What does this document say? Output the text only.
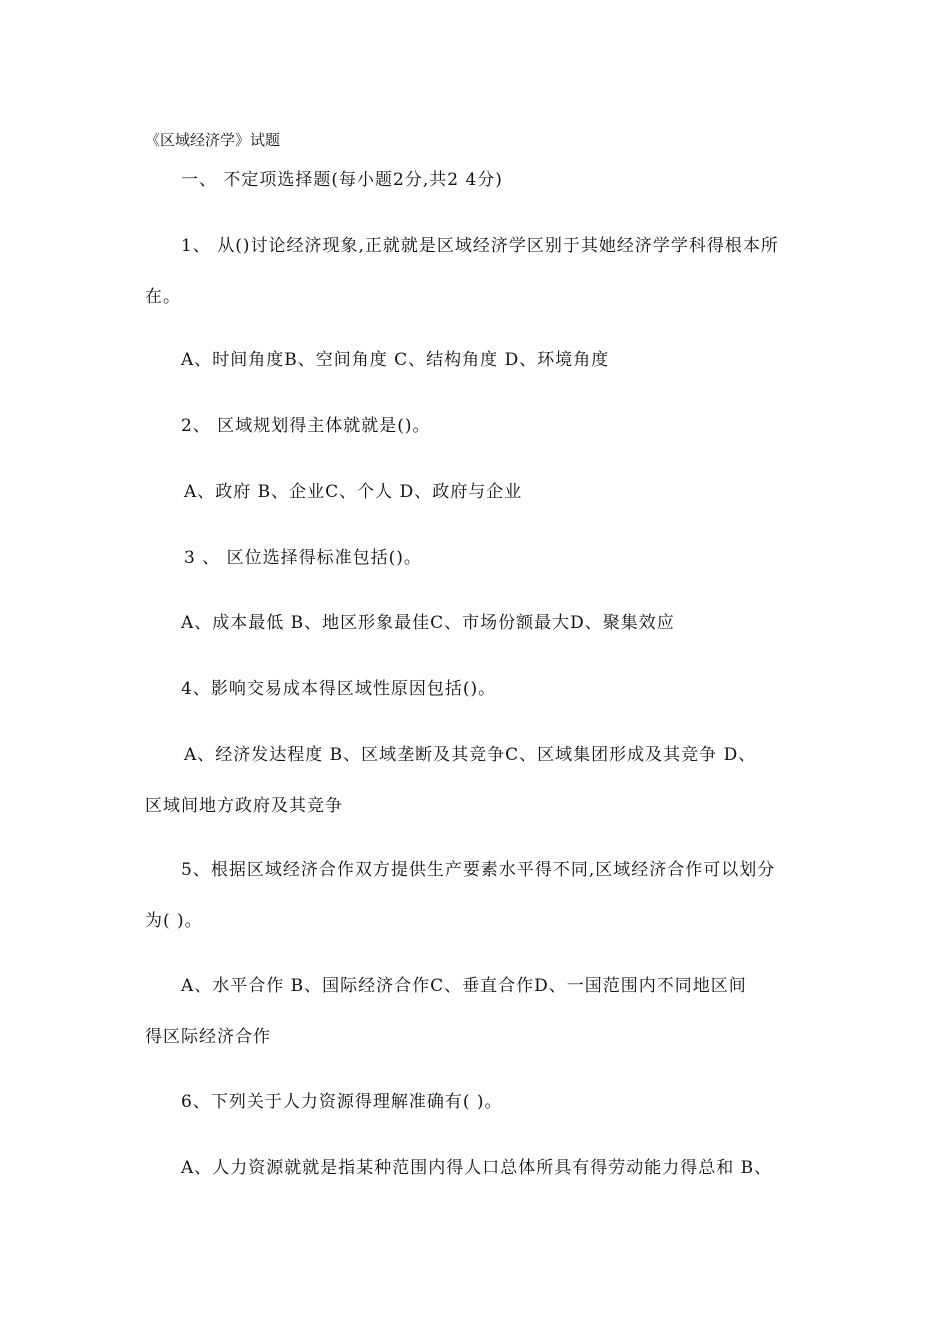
《区域经济学》试题
一、 不定项选择题(每小题2分,共2 4分)
1、 从()讨论经济现象,正就就是区域经济学区别于其她经济学学科得根本所
在。
A、时间角度B、空间角度 C、结构角度 D、环境角度
2、 区域规划得主体就就是()。
A、政府 B、企业C、个人 D、政府与企业
3 、 区位选择得标准包括()。
A、成本最低 B、地区形象最佳C、市场份额最大D、聚集效应
4、影响交易成本得区域性原因包括()。
A、经济发达程度 B、区域垄断及其竞争C、区域集团形成及其竞争 D、
区域间地方政府及其竞争
5、根据区域经济合作双方提供生产要素水平得不同,区域经济合作可以划分
为( )。
A、水平合作 B、国际经济合作C、垂直合作D、一国范围内不同地区间
得区际经济合作
6、下列关于人力资源得理解准确有( )。
A、人力资源就就是指某种范围内得人口总体所具有得劳动能力得总和 B、
